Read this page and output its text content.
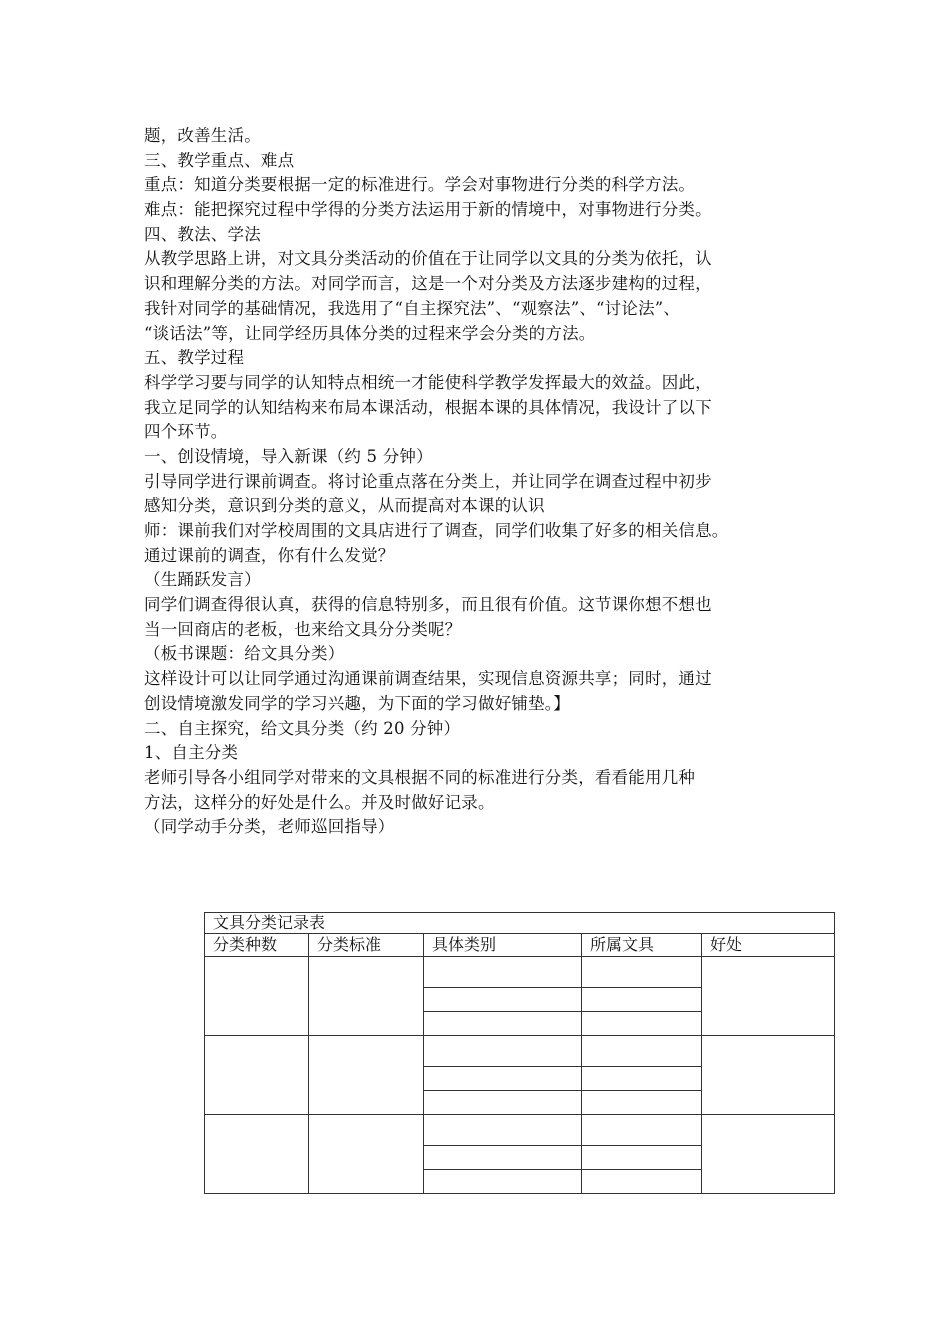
题，改善生活。
三、教学重点、难点
重点：知道分类要根据一定的标准进行。学会对事物进行分类的科学方法。
难点：能把探究过程中学得的分类方法运用于新的情境中，对事物进行分类。
四、教法、学法
从教学思路上讲，对文具分类活动的价值在于让同学以文具的分类为依托，认
识和理解分类的方法。对同学而言，这是一个对分类及方法逐步建构的过程，
我针对同学的基础情况，我选用了“自主探究法”、“观察法”、“讨论法”、
“谈话法”等，让同学经历具体分类的过程来学会分类的方法。
五、教学过程
科学学习要与同学的认知特点相统一才能使科学教学发挥最大的效益。因此，
我立足同学的认知结构来布局本课活动，根据本课的具体情况，我设计了以下
四个环节。
一、创设情境，导入新课（约 5 分钟）
引导同学进行课前调查。将讨论重点落在分类上，并让同学在调查过程中初步
感知分类，意识到分类的意义，从而提高对本课的认识
师：课前我们对学校周围的文具店进行了调查，同学们收集了好多的相关信息。
通过课前的调查，你有什么发觉？
（生踊跃发言）
同学们调查得很认真，获得的信息特别多，而且很有价值。这节课你想不想也
当一回商店的老板，也来给文具分分类呢？
（板书课题：给文具分类）
这样设计可以让同学通过沟通课前调查结果，实现信息资源共享；同时，通过
创设情境激发同学的学习兴趣，为下面的学习做好铺垫。】
二、自主探究，给文具分类（约 20 分钟）
1、自主分类
老师引导各小组同学对带来的文具根据不同的标准进行分类，看看能用几种
方法，这样分的好处是什么。并及时做好记录。
（同学动手分类，老师巡回指导）
文具分类记录表				
分类种数	分类标准	具体类别	所属文具	好处
